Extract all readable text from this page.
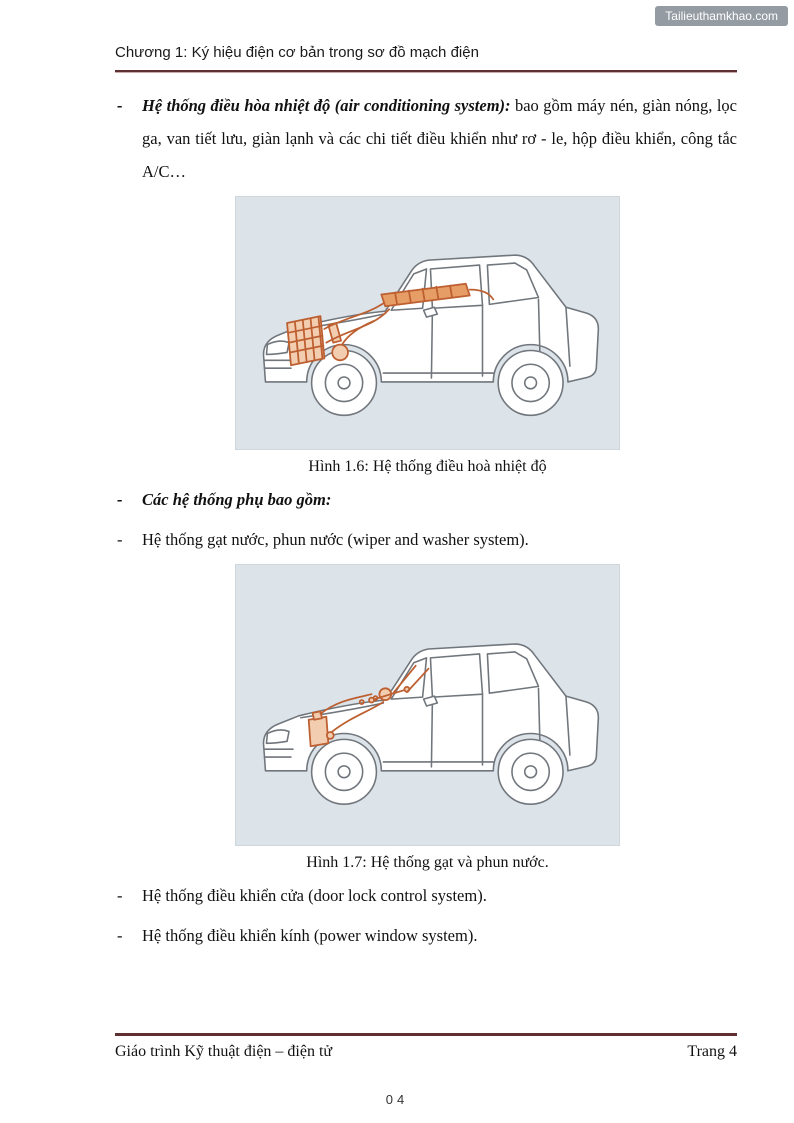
Tailieuthamkhao.com
Chương 1: Ký hiệu điện cơ bản trong sơ đồ mạch điện
- Hệ thống điều hòa nhiệt độ (air conditioning system): bao gồm máy nén, giàn nóng, lọc ga, van tiết lưu, giàn lạnh và các chi tiết điều khiển như rơ - le, hộp điều khiển, công tắc A/C…
Hình 1.6: Hệ thống điều hoà nhiệt độ
- Các hệ thống phụ bao gồm:
- Hệ thống gạt nước, phun nước (wiper and washer system).
Hình 1.7: Hệ thống gạt và phun nước.
- Hệ thống điều khiển cửa (door lock control system).
- Hệ thống điều khiển kính (power window system).
Giáo trình Kỹ thuật điện – điện tử	Trang 4
04
